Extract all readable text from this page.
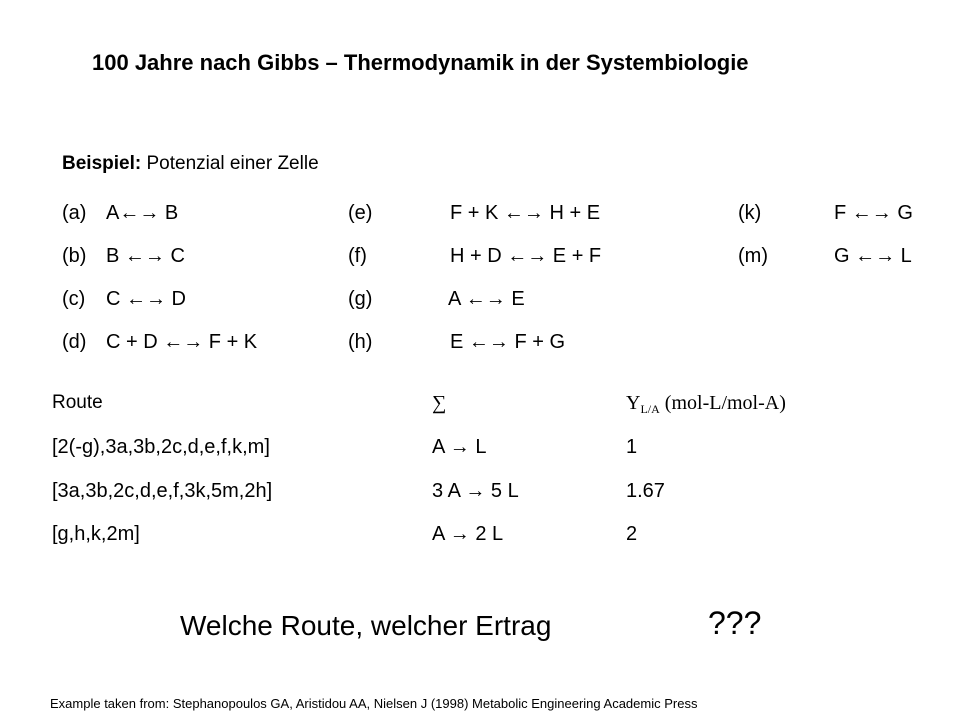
100 Jahre nach Gibbs – Thermodynamik in der Systembiologie
Beispiel: Potenzial einer Zelle
(a) A←→ B
(b) B ←→ C
(c) C ←→ D
(d) C + D ←→ F + K
(e)	F + K ←→ H + E
(f)	H + D ←→ E + F
(g)	A ←→ E
(h)	E ←→ F + G
(k)	F ←→ G
(m)	G ←→ L
Route	∑	$Y_{L/A}$ (mol-L/mol-A)
[2(-g),3a,3b,2c,d,e,f,k,m]	A → L	1
[3a,3b,2c,d,e,f,3k,5m,2h]	3 A → 5 L	1.67
[g,h,k,2m]	A → 2 L	2
Welche Route, welcher Ertrag	???
Example taken from: Stephanopoulos GA, Aristidou AA, Nielsen J (1998) Metabolic Engineering Academic Press
